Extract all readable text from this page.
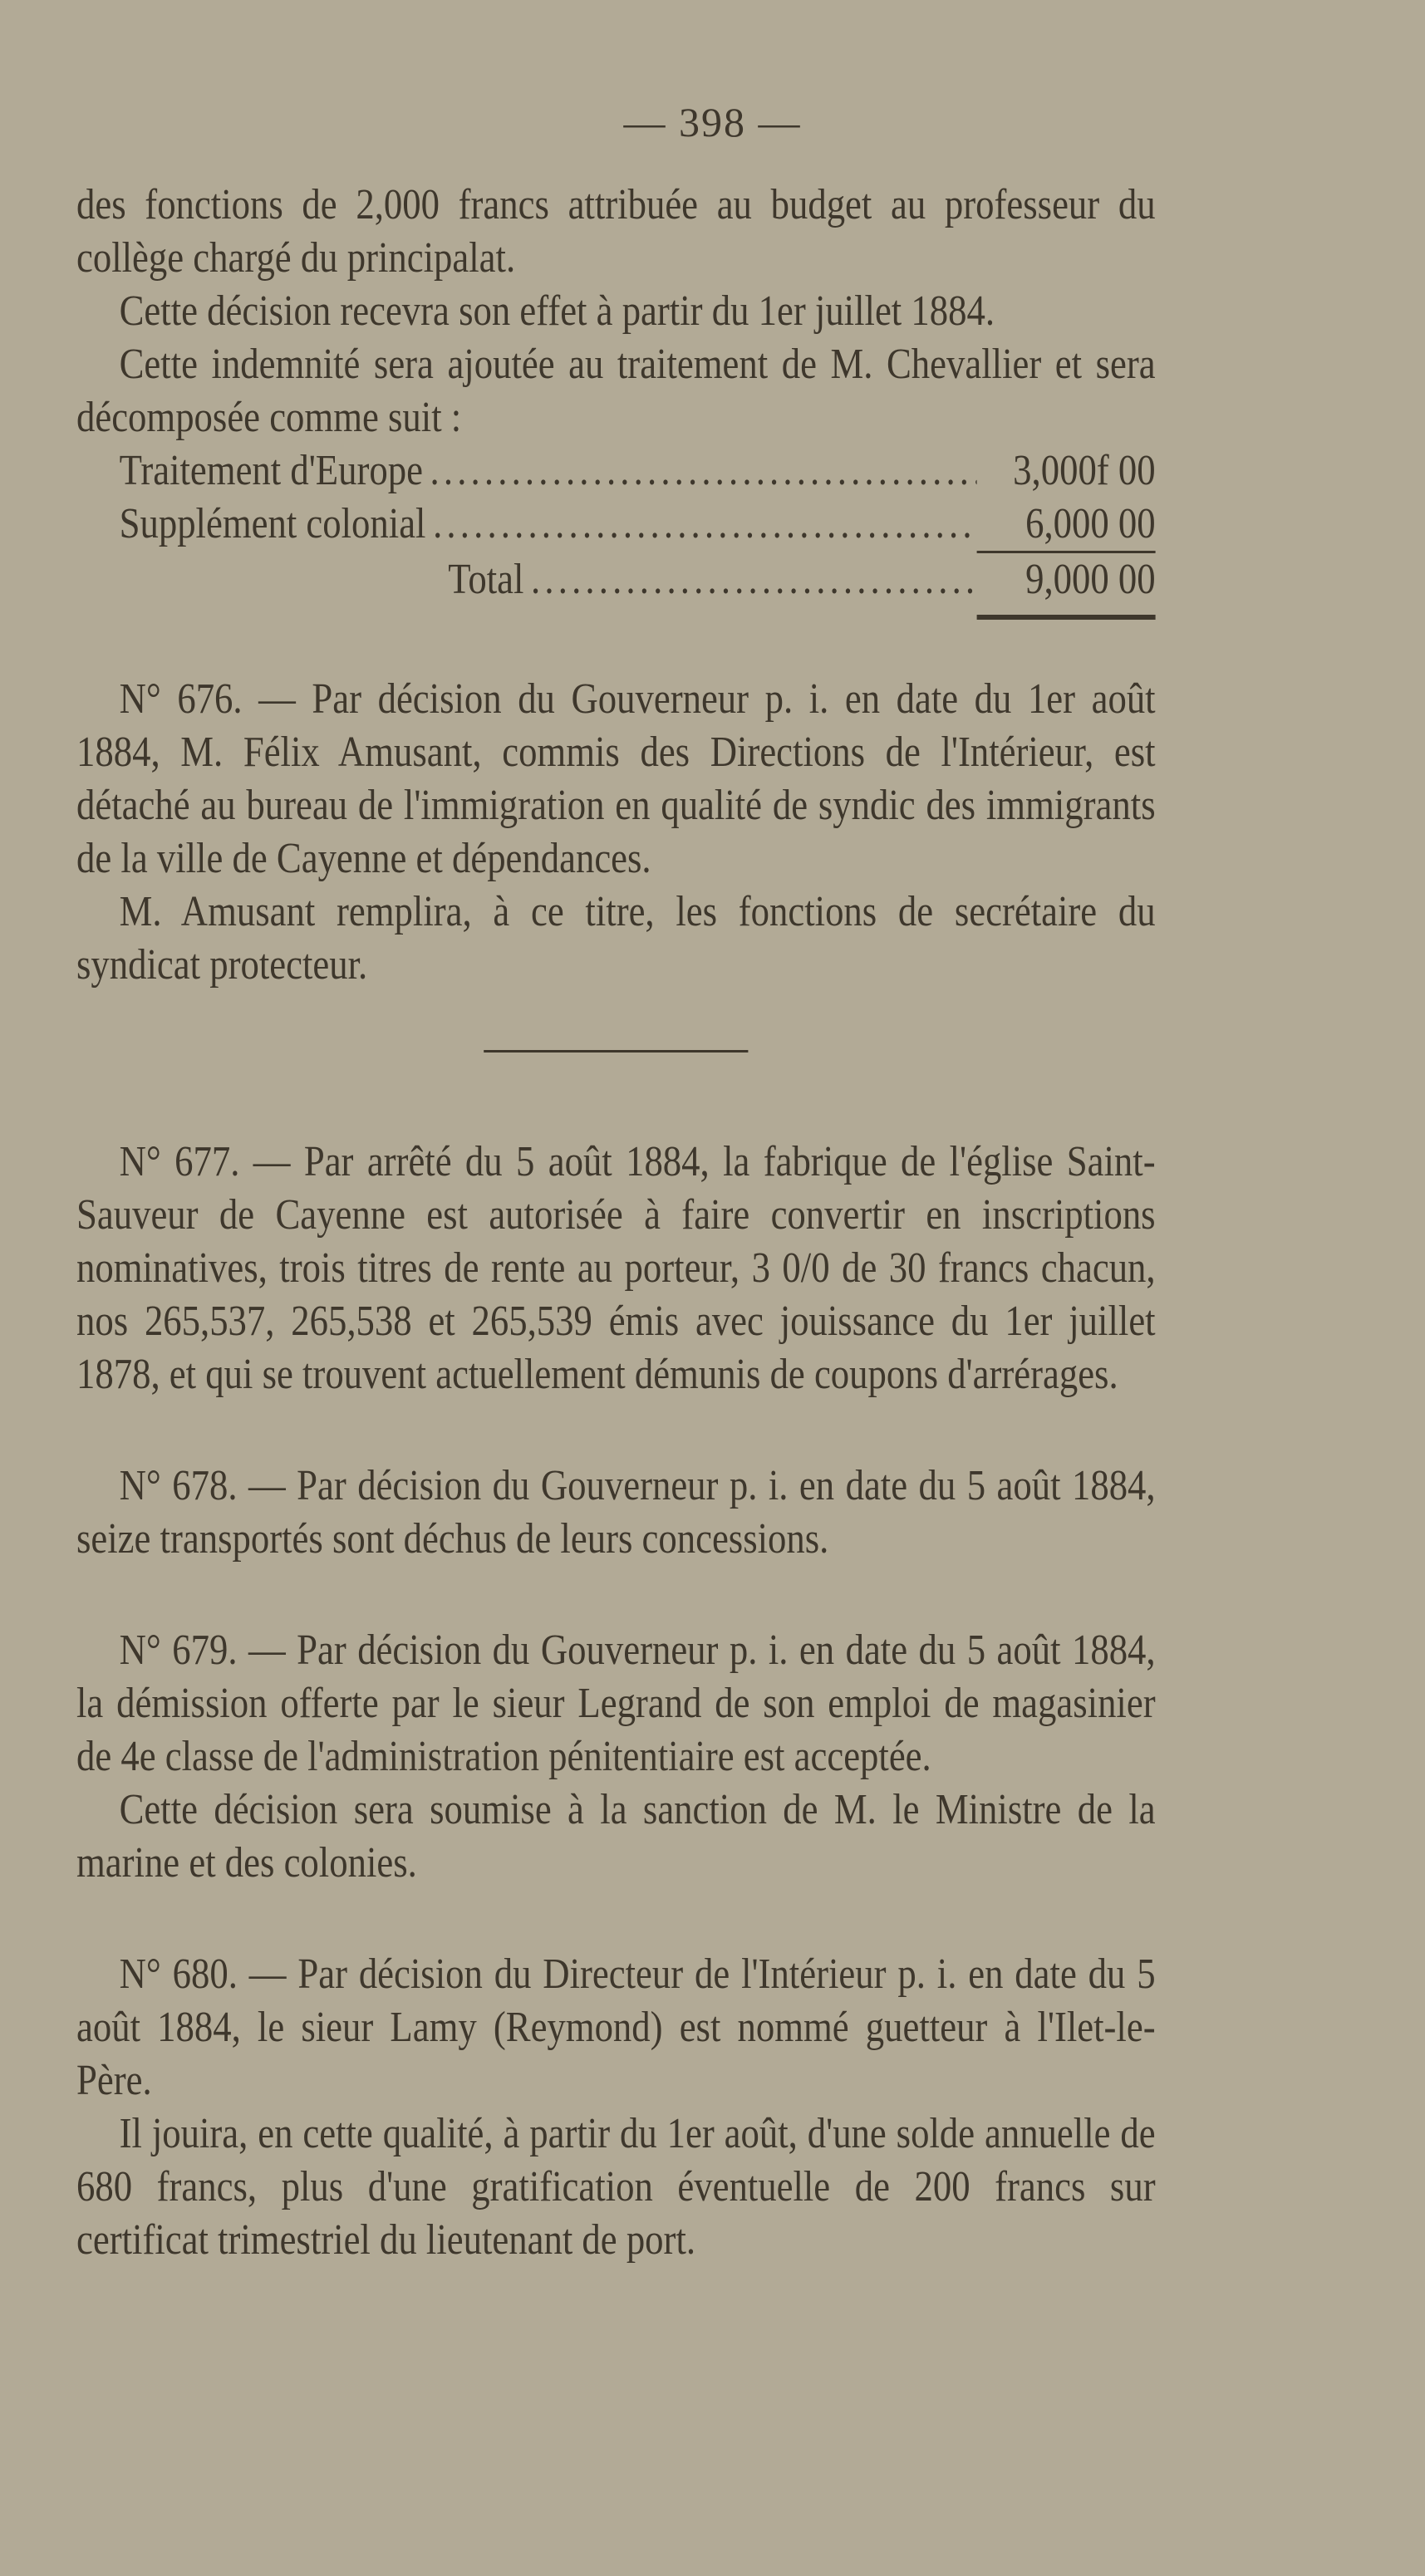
— 398 —

des fonctions de 2,000 francs attribuée au budget au professeur du collège chargé du principalat.

Cette décision recevra son effet à partir du 1er juillet 1884.

Cette indemnité sera ajoutée au traitement de M. Chevallier et sera décomposée comme suit :

Traitement d'Europe .....	3,000f 00
Supplément colonial .....	6,000 00
Total .....	9,000 00

N° 676. — Par décision du Gouverneur p. i. en date du 1er août 1884, M. Félix Amusant, commis des Directions de l'Intérieur, est détaché au bureau de l'immigration en qualité de syndic des immigrants de la ville de Cayenne et dépendances.

M. Amusant remplira, à ce titre, les fonctions de secrétaire du syndicat protecteur.

N° 677. — Par arrêté du 5 août 1884, la fabrique de l'église Saint-Sauveur de Cayenne est autorisée à faire convertir en inscriptions nominatives, trois titres de rente au porteur, 3 0/0 de 30 francs chacun, nos 265,537, 265,538 et 265,539 émis avec jouissance du 1er juillet 1878, et qui se trouvent actuellement démunis de coupons d'arrérages.

N° 678. — Par décision du Gouverneur p. i. en date du 5 août 1884, seize transportés sont déchus de leurs concessions.

N° 679. — Par décision du Gouverneur p. i. en date du 5 août 1884, la démission offerte par le sieur Legrand de son emploi de magasinier de 4e classe de l'administration pénitentiaire est acceptée.

Cette décision sera soumise à la sanction de M. le Ministre de la marine et des colonies.

N° 680. — Par décision du Directeur de l'Intérieur p. i. en date du 5 août 1884, le sieur Lamy (Reymond) est nommé guetteur à l'Ilet-le-Père.

Il jouira, en cette qualité, à partir du 1er août, d'une solde annuelle de 680 francs, plus d'une gratification éventuelle de 200 francs sur certificat trimestriel du lieutenant de port.
